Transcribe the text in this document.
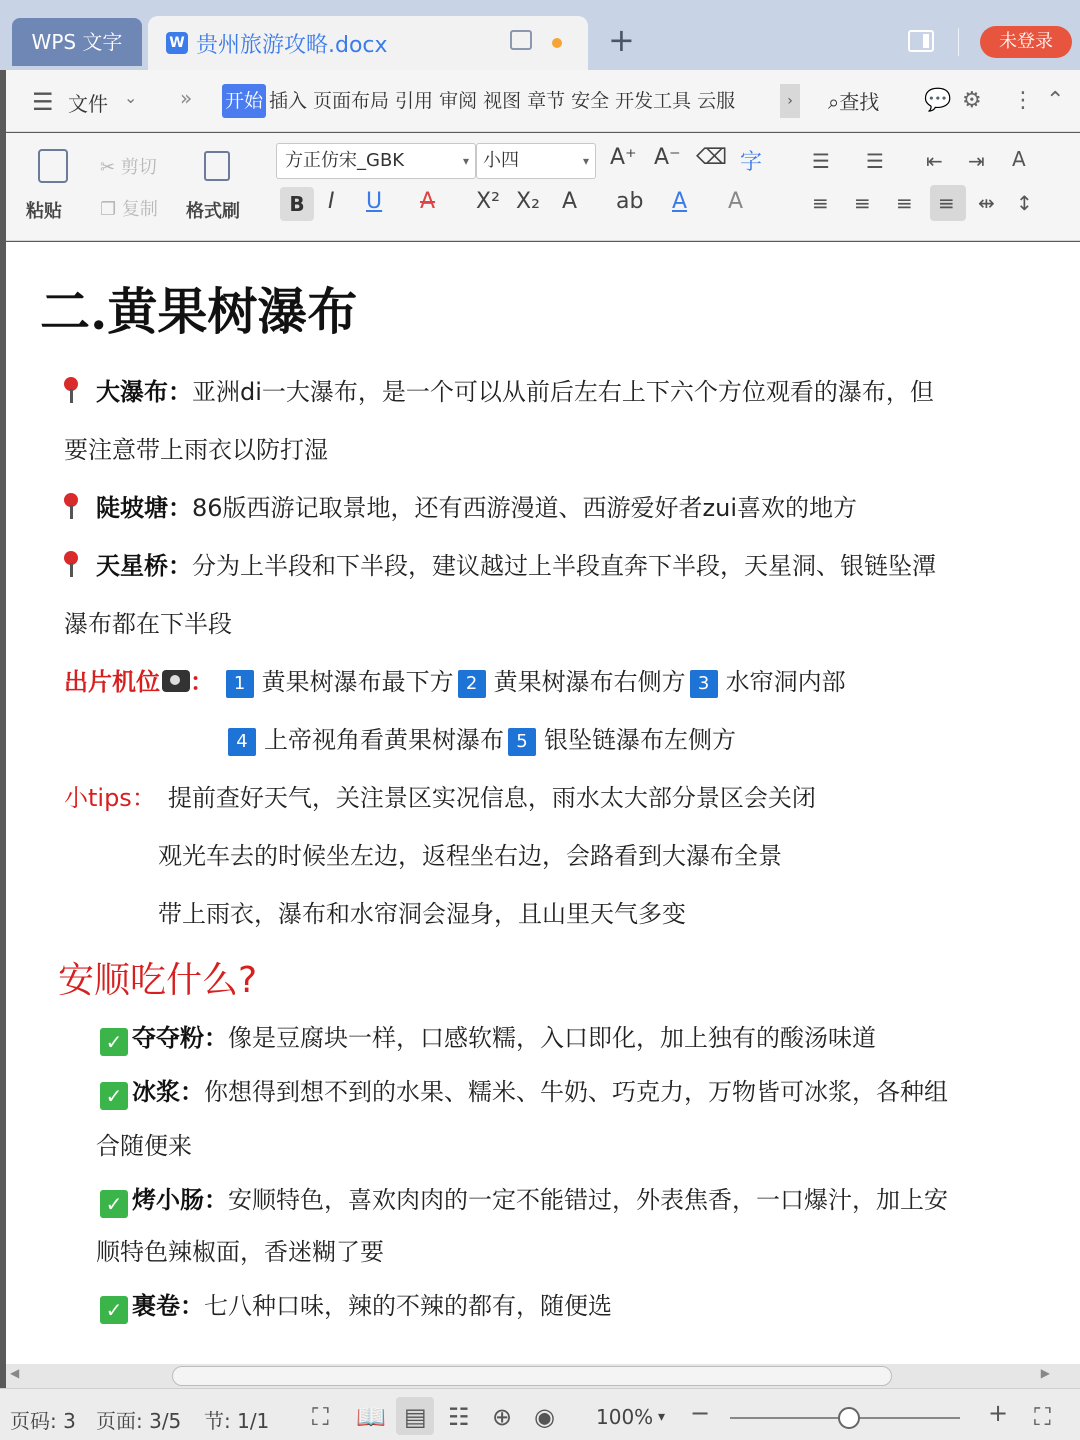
WPS 文字	W 贵州旅游攻略.docx	+	未登录
☰ 文件 ⌄ » 开始 插入 页面布局 引用 审阅 视图 章节 安全 开发工具 云服	›	⌕查找 💬 ⚙ ⋮ ⌃
粘贴
✂ 剪切
❐ 复制 格式刷
方正仿宋_GBK	▾ 小四	▾ A⁺ A⁻ ⌫ 字
B	I U A X² X₂ A ab A A
☰ ☰ ⇤ ⇥ A
≡ ≡ ≡ ≡ ⇹ ↕
二.黄果树瀑布
大瀑布：亚洲di一大瀑布，是一个可以从前后左右上下六个方位观看的瀑布，但
要注意带上雨衣以防打湿
陡坡塘：86版西游记取景地，还有西游漫道、西游爱好者zui喜欢的地方
天星桥：分为上半段和下半段，建议越过上半段直奔下半段，天星洞、银链坠潭
瀑布都在下半段
出片机位 ： 1 黄果树瀑布最下方 2 黄果树瀑布右侧方 3 水帘洞内部
4 上帝视角看黄果树瀑布 5 银坠链瀑布左侧方
小tips： 提前查好天气，关注景区实况信息，雨水太大部分景区会关闭
观光车去的时候坐左边，返程坐右边，会路看到大瀑布全景
带上雨衣，瀑布和水帘洞会湿身，且山里天气多变
安顺吃什么?
✓ 夺夺粉：像是豆腐块一样，口感软糯，入口即化，加上独有的酸汤味道
✓ 冰浆：你想得到想不到的水果、糯米、牛奶、巧克力，万物皆可冰浆，各种组
合随便来
✓ 烤小肠：安顺特色，喜欢肉肉的一定不能错过，外表焦香，一口爆汁，加上安
顺特色辣椒面，香迷糊了要
✓ 裹卷：七八种口味，辣的不辣的都有，随便选
◀	▶
页码: 3 页面: 3/5 节: 1/1 ⛶ 📖 ▤ ☷ ⊕ ◉ 100% ▾ −	+ ⛶
